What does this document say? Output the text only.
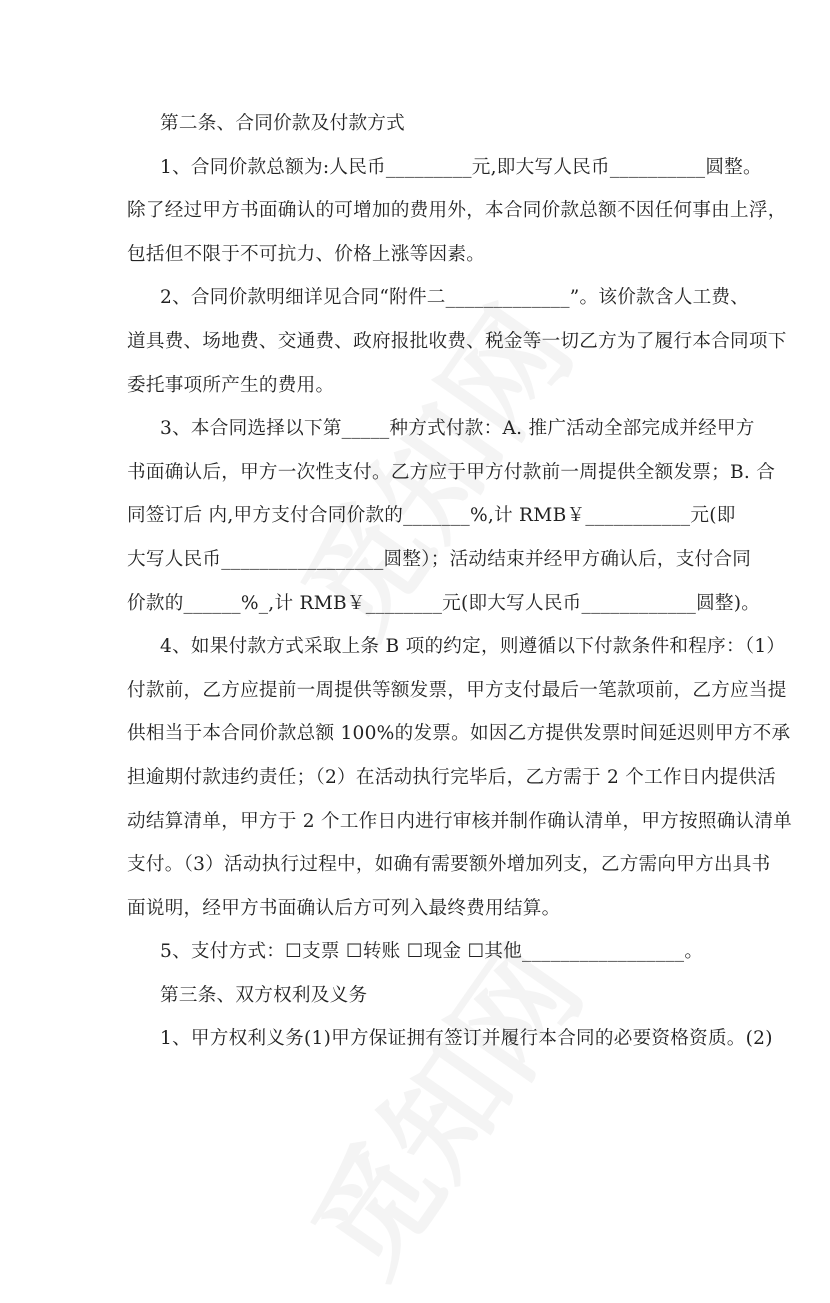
第二条、合同价款及付款方式
1、合同价款总额为:人民币_________元,即大写人民币__________圆整。
除了经过甲方书面确认的可增加的费用外，本合同价款总额不因任何事由上浮，
包括但不限于不可抗力、价格上涨等因素。
2、合同价款明细详见合同“附件二_____________”。该价款含人工费、
道具费、场地费、交通费、政府报批收费、税金等一切乙方为了履行本合同项下
委托事项所产生的费用。
3、本合同选择以下第_____种方式付款：A. 推广活动全部完成并经甲方
书面确认后，甲方一次性支付。乙方应于甲方付款前一周提供全额发票；B. 合
同签订后 内,甲方支付合同价款的_______%,计 RMB￥___________元(即
大写人民币_________________圆整）；活动结束并经甲方确认后，支付合同
价款的______%_,计 RMB￥________元(即大写人民币____________圆整)。
4、如果付款方式采取上条 B 项的约定，则遵循以下付款条件和程序：（1）
付款前，乙方应提前一周提供等额发票，甲方支付最后一笔款项前，乙方应当提
供相当于本合同价款总额 100%的发票。如因乙方提供发票时间延迟则甲方不承
担逾期付款违约责任；（2）在活动执行完毕后，乙方需于 2 个工作日内提供活
动结算清单，甲方于 2 个工作日内进行审核并制作确认清单，甲方按照确认清单
支付。（3）活动执行过程中，如确有需要额外增加列支，乙方需向甲方出具书
面说明，经甲方书面确认后方可列入最终费用结算。
5、支付方式：☐支票 ☐转账 ☐现金 ☐其他_________________。
第三条、双方权利及义务
1、甲方权利义务(1)甲方保证拥有签订并履行本合同的必要资格资质。(2)
